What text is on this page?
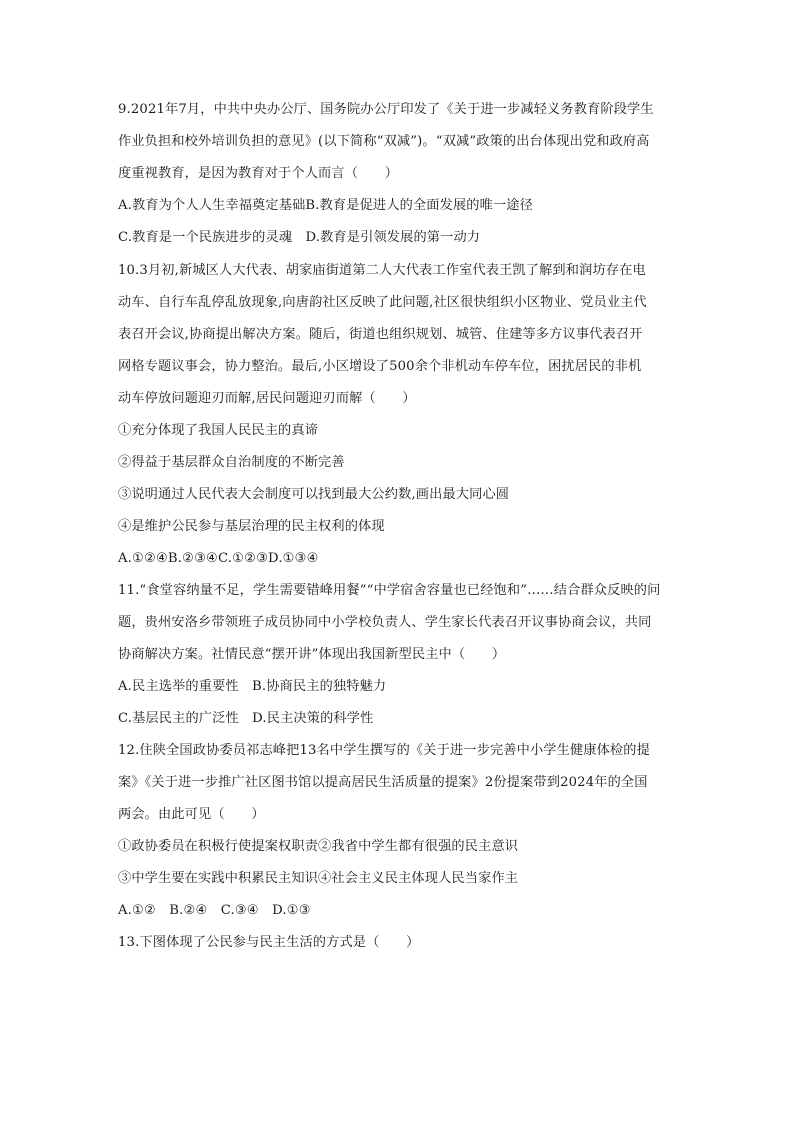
9.2021年7月，中共中央办公厅、国务院办公厅印发了《关于进一步减轻义务教育阶段学生
作业负担和校外培训负担的意见》(以下简称“双减”)。“双减”政策的出台体现出党和政府高
度重视教育，是因为教育对于个人而言（　　）
A.教育为个人人生幸福奠定基础B.教育是促进人的全面发展的唯一途径
C.教育是一个民族进步的灵魂　D.教育是引领发展的第一动力
10.3月初,新城区人大代表、胡家庙街道第二人大代表工作室代表王凯了解到和润坊存在电
动车、自行车乱停乱放现象,向唐韵社区反映了此问题,社区很快组织小区物业、党员业主代
表召开会议,协商提出解决方案。随后，街道也组织规划、城管、住建等多方议事代表召开
网格专题议事会，协力整治。最后,小区增设了500余个非机动车停车位，困扰居民的非机
动车停放问题迎刃而解,居民问题迎刃而解（　　）
①充分体现了我国人民民主的真谛
②得益于基层群众自治制度的不断完善
③说明通过人民代表大会制度可以找到最大公约数,画出最大同心圆
④是维护公民参与基层治理的民主权利的体现
A.①②④B.②③④C.①②③D.①③④
11.“食堂容纳量不足，学生需要错峰用餐”“中学宿舍容量也已经饱和”……结合群众反映的问
题，贵州安洛乡带领班子成员协同中小学校负责人、学生家长代表召开议事协商会议，共同
协商解决方案。社情民意“摆开讲”体现出我国新型民主中（　　）
A.民主选举的重要性　B.协商民主的独特魅力
C.基层民主的广泛性　D.民主决策的科学性
12.住陕全国政协委员祁志峰把13名中学生撰写的《关于进一步完善中小学生健康体检的提
案》《关于进一步推广社区图书馆以提高居民生活质量的提案》2份提案带到2024年的全国
两会。由此可见（　　）
①政协委员在积极行使提案权职责②我省中学生都有很强的民主意识
③中学生要在实践中积累民主知识④社会主义民主体现人民当家作主
A.①②　B.②④　C.③④　D.①③
13.下图体现了公民参与民主生活的方式是（　　）
